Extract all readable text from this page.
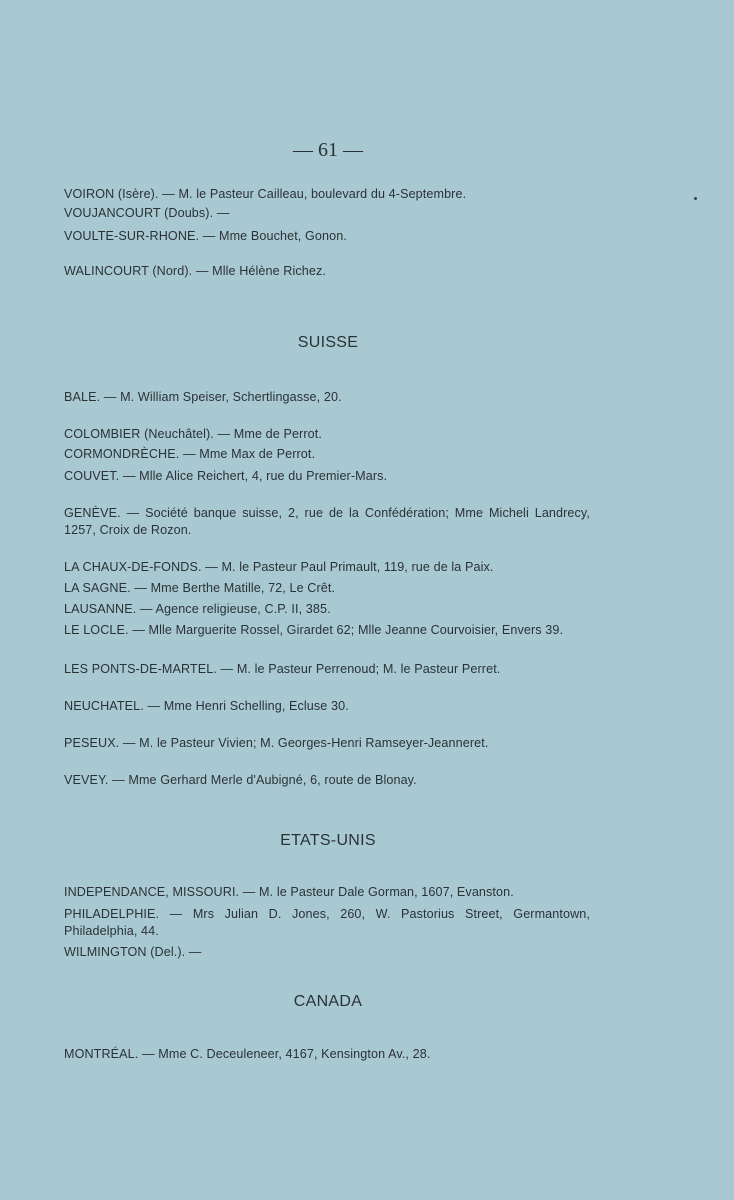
— 61 —
VOIRON (Isère). — M. le Pasteur Cailleau, boulevard du 4-Septembre.
VOUJANCOURT (Doubs). —
VOULTE-SUR-RHONE. — Mme Bouchet, Gonon.
WALINCOURT (Nord). — Mlle Hélène Richez.
SUISSE
BALE. — M. William Speiser, Schertlingasse, 20.
COLOMBIER (Neuchâtel). — Mme de Perrot.
CORMONDRÈCHE. — Mme Max de Perrot.
COUVET. — Mlle Alice Reichert, 4, rue du Premier-Mars.
GENÈVE. — Société banque suisse, 2, rue de la Confédération; Mme Micheli Landrecy, 1257, Croix de Rozon.
LA CHAUX-DE-FONDS. — M. le Pasteur Paul Primault, 119, rue de la Paix.
LA SAGNE. — Mme Berthe Matille, 72, Le Crêt.
LAUSANNE. — Agence religieuse, C.P. II, 385.
LE LOCLE. — Mlle Marguerite Rossel, Girardet 62; Mlle Jeanne Courvoisier, Envers 39.
LES PONTS-DE-MARTEL. — M. le Pasteur Perrenoud; M. le Pasteur Perret.
NEUCHATEL. — Mme Henri Schelling, Ecluse 30.
PESEUX. — M. le Pasteur Vivien; M. Georges-Henri Ramseyer-Jeanneret.
VEVEY. — Mme Gerhard Merle d'Aubigné, 6, route de Blonay.
ETATS-UNIS
INDEPENDANCE, MISSOURI. — M. le Pasteur Dale Gorman, 1607, Evanston.
PHILADELPHIE. — Mrs Julian D. Jones, 260, W. Pastorius Street, Germantown, Philadelphia, 44.
WILMINGTON (Del.). —
CANADA
MONTRÉAL. — Mme C. Deceuleneer, 4167, Kensington Av., 28.
